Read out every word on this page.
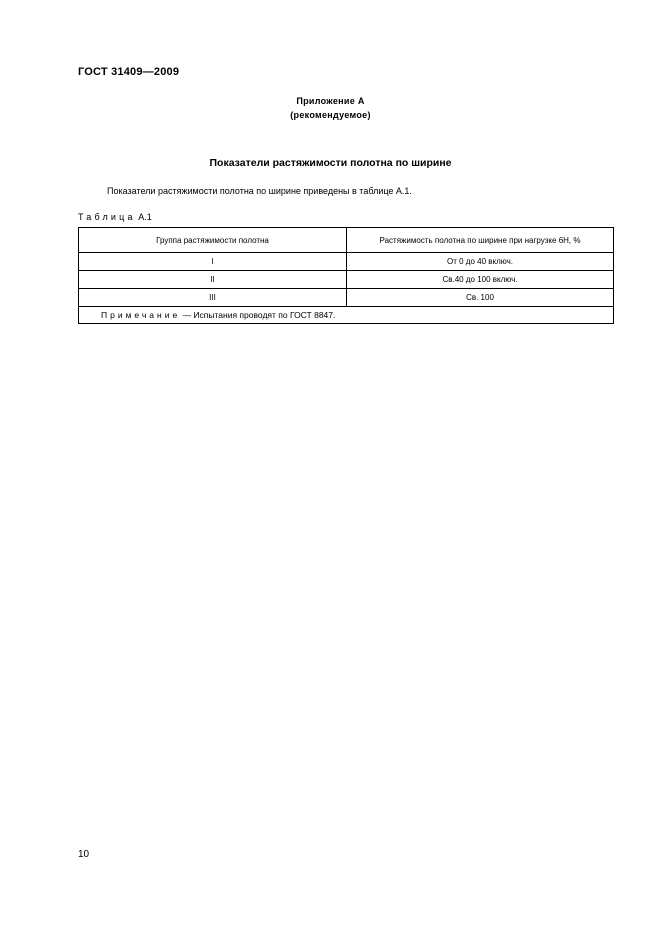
ГОСТ 31409—2009
Приложение А
(рекомендуемое)
Показатели растяжимости полотна по ширине
Показатели растяжимости полотна по ширине приведены в таблице А.1.
Таблица А.1
Группа растяжимости полотна	Растяжимость полотна по ширине при нагрузке 6Н, %
I	От 0 до 40 включ.
II	Св.40 до 100 включ.
III	Св. 100
Примечание — Испытания проводят по ГОСТ 8847.	
10
